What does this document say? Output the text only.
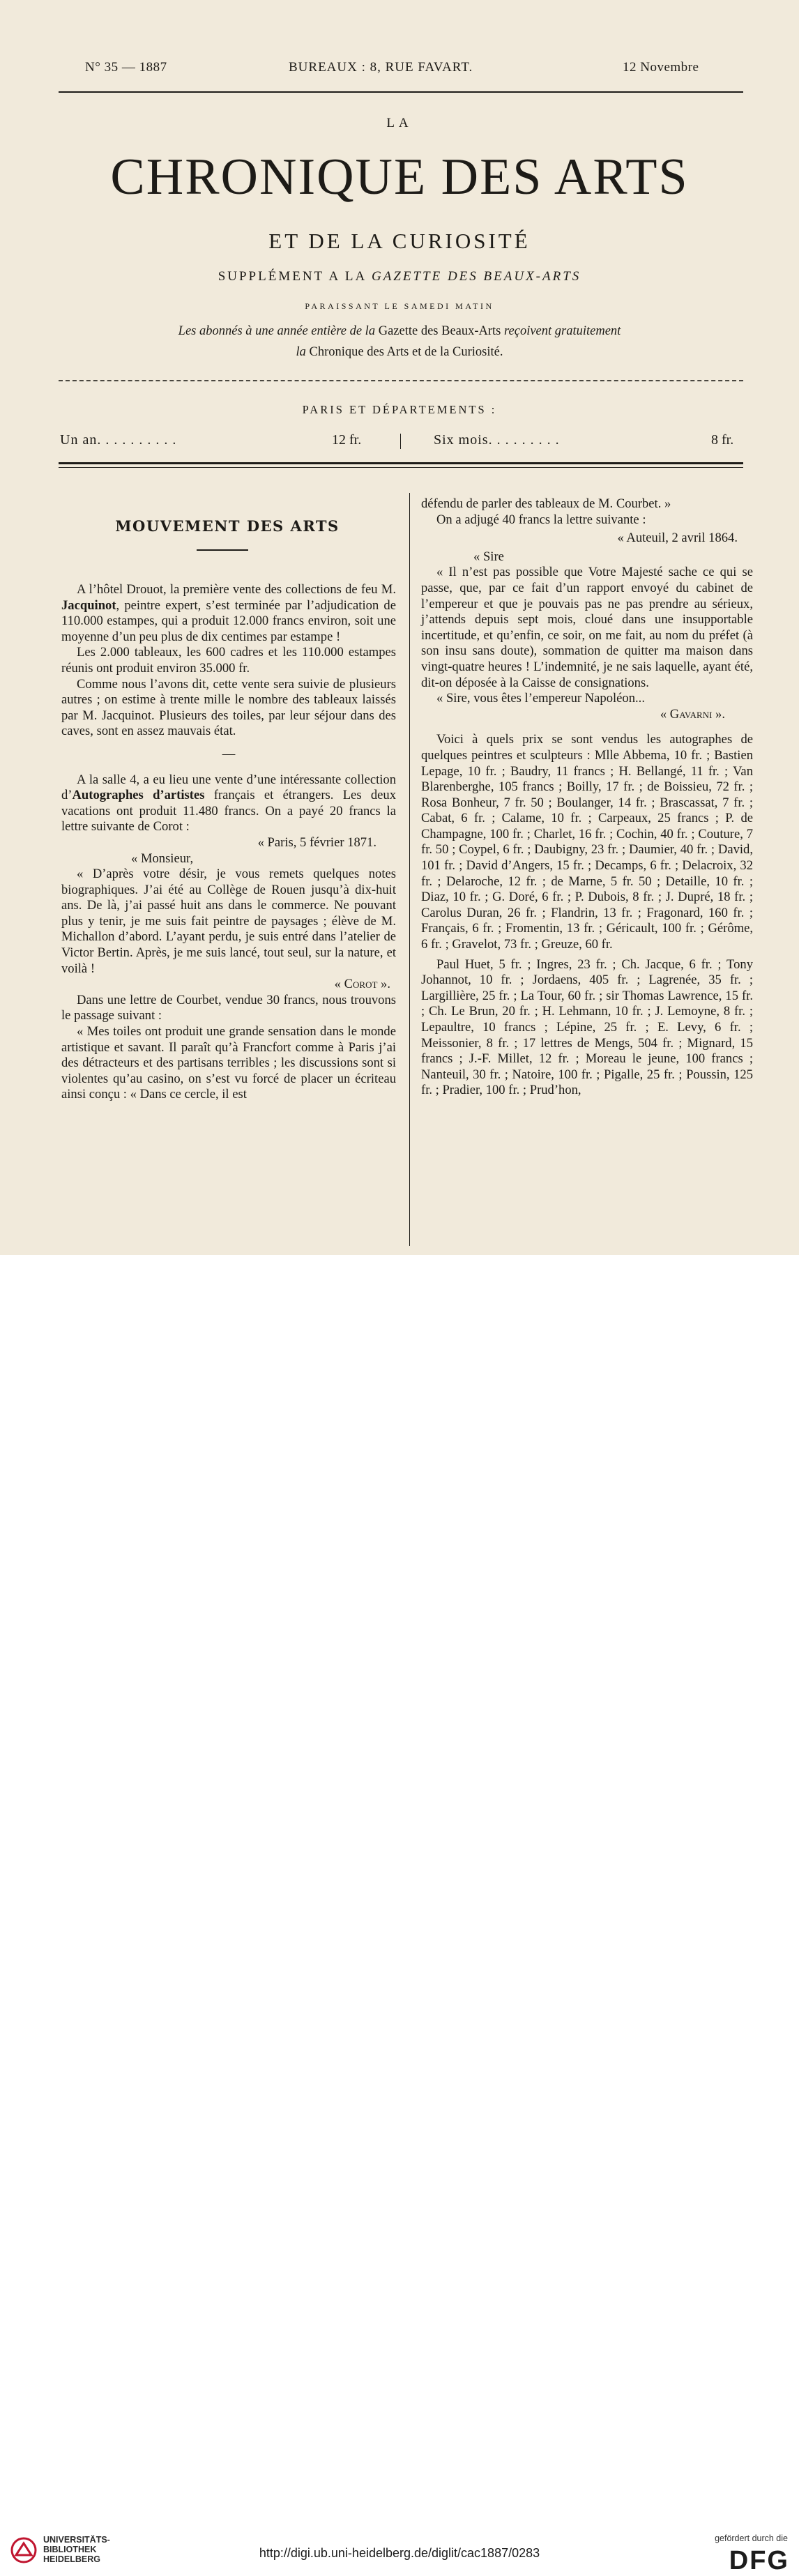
N° 35 — 1887	BUREAUX : 8, RUE FAVART.	12 Novembre
LA
CHRONIQUE DES ARTS
ET DE LA CURIOSITÉ
SUPPLÉMENT A LA GAZETTE DES BEAUX-ARTS
PARAISSANT LE SAMEDI MATIN
Les abonnés à une année entière de la Gazette des Beaux-Arts reçoivent gratuitement
la Chronique des Arts et de la Curiosité.
PARIS ET DÉPARTEMENTS :
Un an. . . . . . . . . .	12 fr.	Six mois. . . . . . . . .	8 fr.
MOUVEMENT DES ARTS

A l’hôtel Drouot, la première vente des collections de feu M. Jacquinot, peintre expert, s’est terminée par l’adjudication de 110.000 estampes, qui a produit 12.000 francs environ, soit une moyenne d’un peu plus de dix centimes par estampe !

Les 2.000 tableaux, les 600 cadres et les 110.000 estampes réunis ont produit environ 35.000 fr.

Comme nous l’avons dit, cette vente sera suivie de plusieurs autres ; on estime à trente mille le nombre des tableaux laissés par M. Jacquinot. Plusieurs des toiles, par leur séjour dans des caves, sont en assez mauvais état.

—

A la salle 4, a eu lieu une vente d’une intéressante collection d’Autographes d’artistes français et étrangers. Les deux vacations ont produit 11.480 francs. On a payé 20 francs la lettre suivante de Corot :

« Paris, 5 février 1871.

« Monsieur,

« D’après votre désir, je vous remets quelques notes biographiques. J’ai été au Collège de Rouen jusqu’à dix-huit ans. De là, j’ai passé huit ans dans le commerce. Ne pouvant plus y tenir, je me suis fait peintre de paysages ; élève de M. Michallon d’abord. L’ayant perdu, je suis entré dans l’atelier de Victor Bertin. Après, je me suis lancé, tout seul, sur la nature, et voilà !

« Corot ».

Dans une lettre de Courbet, vendue 30 francs, nous trouvons le passage suivant :

« Mes toiles ont produit une grande sensation dans le monde artistique et savant. Il paraît qu’à Francfort comme à Paris j’ai des détracteurs et des partisans terribles ; les discussions sont si violentes qu’au casino, on s’est vu forcé de placer un écriteau ainsi conçu : « Dans ce cercle, il est

défendu de parler des tableaux de M. Courbet. »

On a adjugé 40 francs la lettre suivante :

« Auteuil, 2 avril 1864.

« Sire

« Il n’est pas possible que Votre Majesté sache ce qui se passe, que, par ce fait d’un rapport envoyé du cabinet de l’empereur et que je pouvais pas ne pas prendre au sérieux, j’attends depuis sept mois, cloué dans une insupportable incertitude, et qu’enfin, ce soir, on me fait, au nom du préfet (à son insu sans doute), sommation de quitter ma maison dans vingt-quatre heures ! L’indemnité, je ne sais laquelle, ayant été, dit-on déposée à la Caisse de consignations.

« Sire, vous êtes l’empereur Napoléon...

« Gavarni ».

Voici à quels prix se sont vendus les autographes de quelques peintres et sculpteurs : Mlle Abbema, 10 fr. ; Bastien Lepage, 10 fr. ; Baudry, 11 francs ; H. Bellangé, 11 fr. ; Van Blarenberghe, 105 francs ; Boilly, 17 fr. ; de Boissieu, 72 fr. ; Rosa Bonheur, 7 fr. 50 ; Boulanger, 14 fr. ; Brascassat, 7 fr. ; Cabat, 6 fr. ; Calame, 10 fr. ; Carpeaux, 25 francs ; P. de Champagne, 100 fr. ; Charlet, 16 fr. ; Cochin, 40 fr. ; Couture, 7 fr. 50 ; Coypel, 6 fr. ; Daubigny, 23 fr. ; Daumier, 40 fr. ; David, 101 fr. ; David d’Angers, 15 fr. ; Decamps, 6 fr. ; Delacroix, 32 fr. ; Delaroche, 12 fr. ; de Marne, 5 fr. 50 ; Detaille, 10 fr. ; Diaz, 10 fr. ; G. Doré, 6 fr. ; P. Dubois, 8 fr. ; J. Dupré, 18 fr. ; Carolus Duran, 26 fr. ; Flandrin, 13 fr. ; Fragonard, 160 fr. ; Français, 6 fr. ; Fromentin, 13 fr. ; Géricault, 100 fr. ; Gérôme, 6 fr. ; Gravelot, 73 fr. ; Greuze, 60 fr.

Paul Huet, 5 fr. ; Ingres, 23 fr. ; Ch. Jacque, 6 fr. ; Tony Johannot, 10 fr. ; Jordaens, 405 fr. ; Lagrenée, 35 fr. ; Largillière, 25 fr. ; La Tour, 60 fr. ; sir Thomas Lawrence, 15 fr. ; Ch. Le Brun, 20 fr. ; H. Lehmann, 10 fr. ; J. Lemoyne, 8 fr. ; Lepaultre, 10 francs ; Lépine, 25 fr. ; E. Levy, 6 fr. ; Meissonier, 8 fr. ; 17 lettres de Mengs, 504 fr. ; Mignard, 15 francs ; J.-F. Millet, 12 fr. ; Moreau le jeune, 100 francs ; Nanteuil, 30 fr. ; Natoire, 100 fr. ; Pigalle, 25 fr. ; Poussin, 125 fr. ; Pradier, 100 fr. ; Prud’hon,

UNIVERSITÄTS-
BIBLIOTHEK
HEIDELBERG	http://digi.ub.uni-heidelberg.de/diglit/cac1887/0283
gefördert durch die
DFG
